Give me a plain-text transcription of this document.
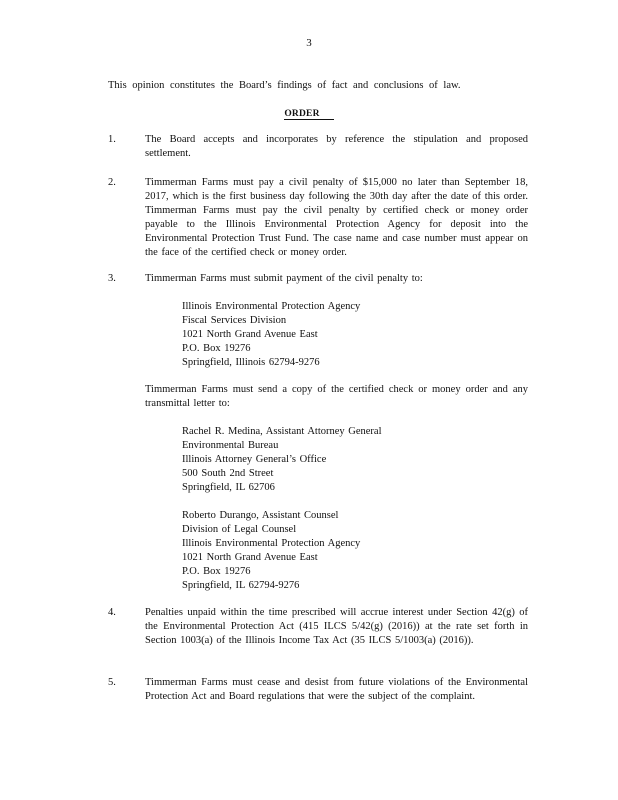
3
This opinion constitutes the Board’s findings of fact and conclusions of law.
ORDER
1.	The Board accepts and incorporates by reference the stipulation and proposed settlement.
2.	Timmerman Farms must pay a civil penalty of $15,000 no later than September 18, 2017, which is the first business day following the 30th day after the date of this order. Timmerman Farms must pay the civil penalty by certified check or money order payable to the Illinois Environmental Protection Agency for deposit into the Environmental Protection Trust Fund. The case name and case number must appear on the face of the certified check or money order.
3.	Timmerman Farms must submit payment of the civil penalty to:
Illinois Environmental Protection Agency
Fiscal Services Division
1021 North Grand Avenue East
P.O. Box 19276
Springfield, Illinois 62794-9276
Timmerman Farms must send a copy of the certified check or money order and any transmittal letter to:
Rachel R. Medina, Assistant Attorney General
Environmental Bureau
Illinois Attorney General’s Office
500 South 2nd Street
Springfield, IL 62706
Roberto Durango, Assistant Counsel
Division of Legal Counsel
Illinois Environmental Protection Agency
1021 North Grand Avenue East
P.O. Box 19276
Springfield, IL 62794-9276
4.	Penalties unpaid within the time prescribed will accrue interest under Section 42(g) of the Environmental Protection Act (415 ILCS 5/42(g) (2016)) at the rate set forth in Section 1003(a) of the Illinois Income Tax Act (35 ILCS 5/1003(a) (2016)).
5.	Timmerman Farms must cease and desist from future violations of the Environmental Protection Act and Board regulations that were the subject of the complaint.
